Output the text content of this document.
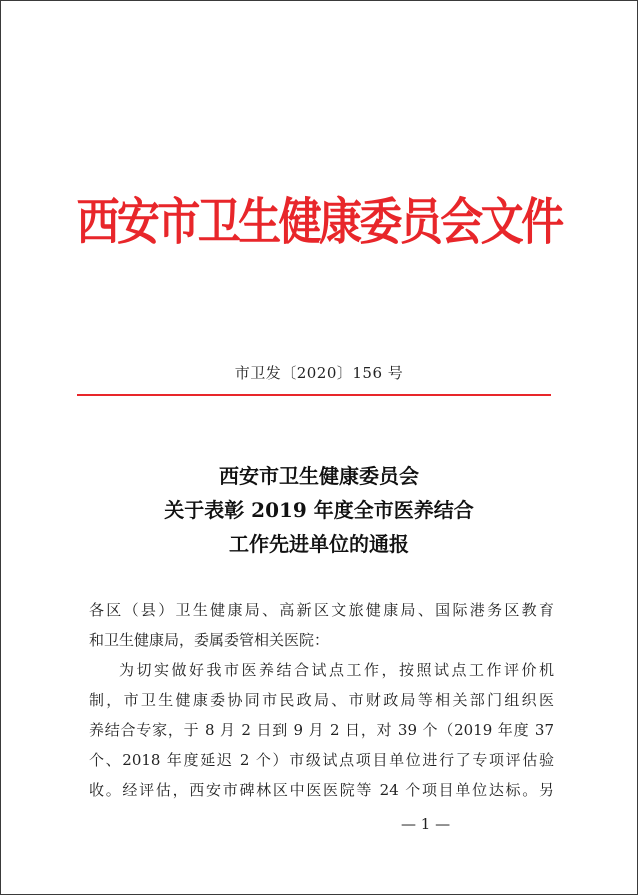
西安市卫生健康委员会文件
市卫发〔2020〕156 号
西安市卫生健康委员会
关于表彰 2019 年度全市医养结合
工作先进单位的通报

各区（县）卫生健康局、高新区文旅健康局、国际港务区教育
和卫生健康局，委属委管相关医院：

为切实做好我市医养结合试点工作，按照试点工作评价机
制，市卫生健康委协同市民政局、市财政局等相关部门组织医
养结合专家，于 8 月 2 日到 9 月 2 日，对 39 个（2019 年度 37
个、2018 年度延迟 2 个）市级试点项目单位进行了专项评估验
收。经评估，西安市碑林区中医医院等 24 个项目单位达标。另

— 1 —
